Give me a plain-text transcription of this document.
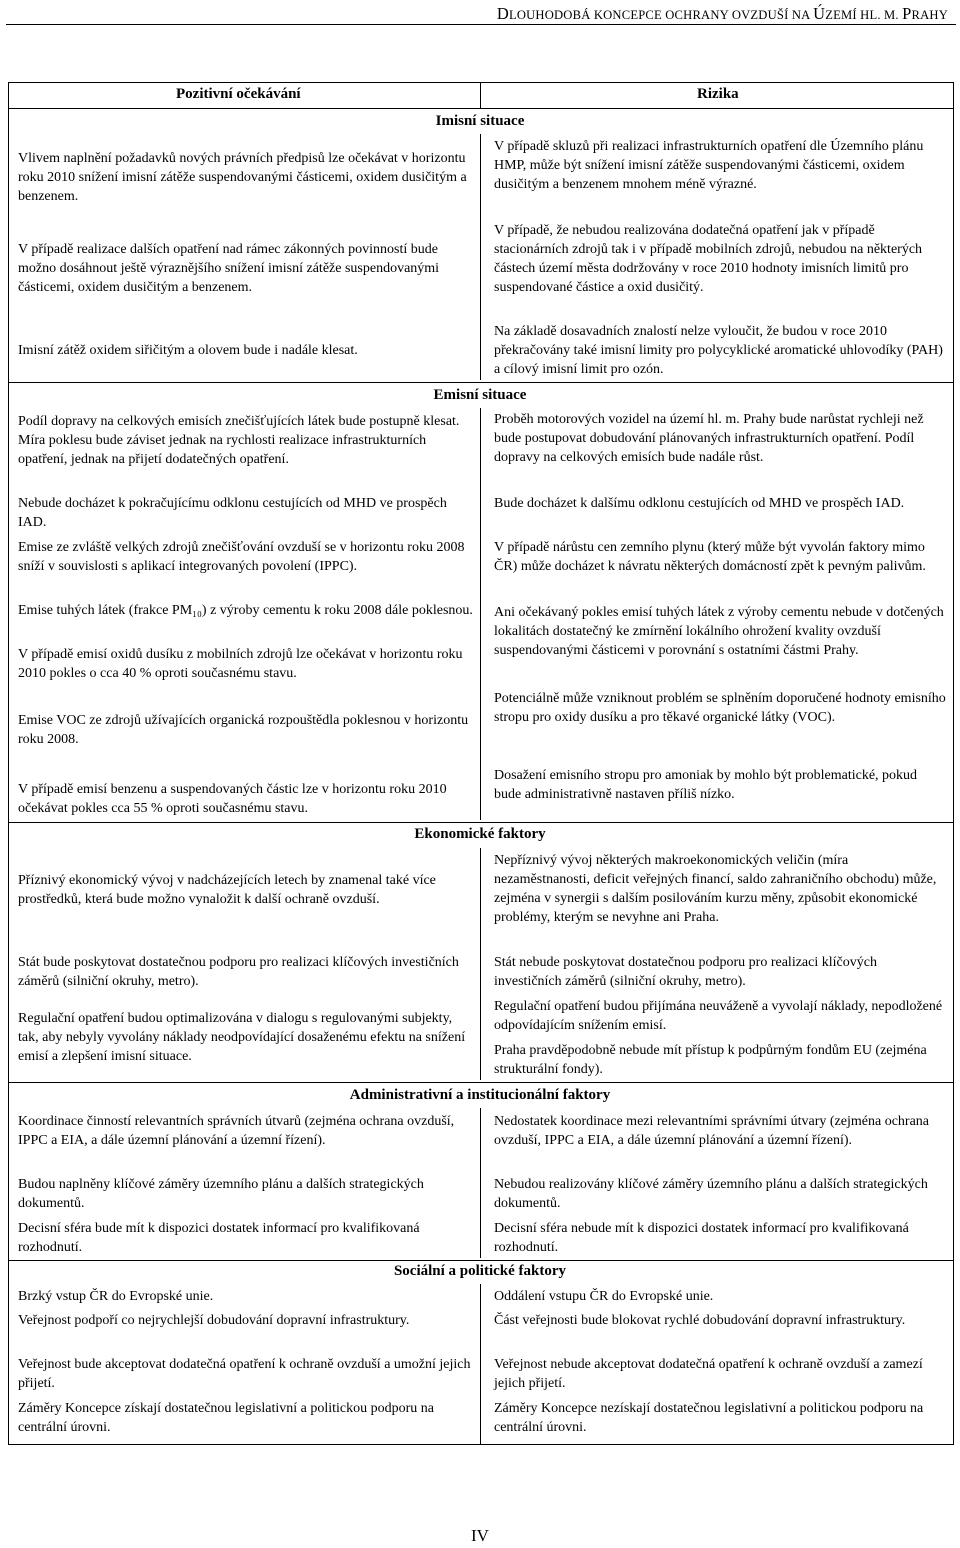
DLOUHODOBÁ KONCEPCE OCHRANY OVZDUŠÍ NA ÚZEMÍ HL. M. PRAHY
Pozitivní očekávání	Rizika
Imisní situace
Vlivem naplnění požadavků nových právních předpisů lze očekávat v horizontu roku 2010 snížení imisní zátěže suspendovanými částicemi, oxidem dusičitým a benzenem.
V případě realizace dalších opatření nad rámec zákonných povinností bude možno dosáhnout ještě výraznějšího snížení imisní zátěže suspendovanými částicemi, oxidem dusičitým a benzenem.
Imisní zátěž oxidem siřičitým a olovem bude i nadále klesat.
V případě skluzů při realizaci infrastrukturních opatření dle Územního plánu HMP, může být snížení imisní zátěže suspendovanými částicemi, oxidem dusičitým a benzenem mnohem méně výrazné.
V případě, že nebudou realizována dodatečná opatření jak v případě stacionárních zdrojů tak i v případě mobilních zdrojů, nebudou na některých částech území města dodržovány v roce 2010 hodnoty imisních limitů pro suspendované částice a oxid dusičitý.
Na základě dosavadních znalostí nelze vyloučit, že budou v roce 2010 překračovány také imisní limity pro polycyklické aromatické uhlovodíky (PAH) a cílový imisní limit pro ozón.
Emisní situace
Podíl dopravy na celkových emisích znečišťujících látek bude postupně klesat. Míra poklesu bude záviset jednak na rychlosti realizace infrastrukturních opatření, jednak na přijetí dodatečných opatření.
Nebude docházet k pokračujícímu odklonu cestujících od MHD ve prospěch IAD.
Emise ze zvláště velkých zdrojů znečišťování ovzduší se v horizontu roku 2008 sníží v souvislosti s aplikací integrovaných povolení (IPPC).
Emise tuhých látek (frakce PM₁₀) z výroby cementu k roku 2008 dále poklesnou.
V případě emisí oxidů dusíku z mobilních zdrojů lze očekávat v horizontu roku 2010 pokles o cca 40 % oproti současnému stavu.
Emise VOC ze zdrojů užívajících organická rozpouštědla poklesnou v horizontu roku 2008.
V případě emisí benzenu a suspendovaných částic lze v horizontu roku 2010 očekávat pokles cca 55 % oproti současnému stavu.
Proběh motorových vozidel na území hl. m. Prahy bude narůstat rychleji než bude postupovat dobudování plánovaných infrastrukturních opatření. Podíl dopravy na celkových emisích bude nadále růst.
Bude docházet k dalšímu odklonu cestujících od MHD ve prospěch IAD.
V případě nárůstu cen zemního plynu (který může být vyvolán faktory mimo ČR) může docházet k návratu některých domácností zpět k pevným palivům.
Ani očekávaný pokles emisí tuhých látek z výroby cementu nebude v dotčených lokalitách dostatečný ke zmírnění lokálního ohrožení kvality ovzduší suspendovanými částicemi v porovnání s ostatními částmi Prahy.
Potenciálně může vzniknout problém se splněním doporučené hodnoty emisního stropu pro oxidy dusíku a pro těkavé organické látky (VOC).
Dosažení emisního stropu pro amoniak by mohlo být problematické, pokud bude administrativně nastaven příliš nízko.
Ekonomické faktory
Příznivý ekonomický vývoj v nadcházejících letech by znamenal také více prostředků, která bude možno vynaložit k další ochraně ovzduší.
Stát bude poskytovat dostatečnou podporu pro realizaci klíčových investičních záměrů (silniční okruhy, metro).
Regulační opatření budou optimalizována v dialogu s regulovanými subjekty, tak, aby nebyly vyvolány náklady neodpovídající dosaženému efektu na snížení emisí a zlepšení imisní situace.
Nepříznivý vývoj některých makroekonomických veličin (míra nezaměstnanosti, deficit veřejných financí, saldo zahraničního obchodu) může, zejména v synergii s dalším posilováním kurzu měny, způsobit ekonomické problémy, kterým se nevyhne ani Praha.
Stát nebude poskytovat dostatečnou podporu pro realizaci klíčových investičních záměrů (silniční okruhy, metro).
Regulační opatření budou přijímána neuváženě a vyvolají náklady, nepodložené odpovídajícím snížením emisí.
Praha pravděpodobně nebude mít přístup k podpůrným fondům EU (zejména strukturální fondy).
Administrativní a institucionální faktory
Koordinace činností relevantních správních útvarů (zejména ochrana ovzduší, IPPC a EIA, a dále územní plánování a územní řízení).
Budou naplněny klíčové záměry územního plánu a dalších strategických dokumentů.
Decisní sféra bude mít k dispozici dostatek informací pro kvalifikovaná rozhodnutí.
Nedostatek koordinace mezi relevantními správními útvary (zejména ochrana ovzduší, IPPC a EIA, a dále územní plánování a územní řízení).
Nebudou realizovány klíčové záměry územního plánu a dalších strategických dokumentů.
Decisní sféra nebude mít k dispozici dostatek informací pro kvalifikovaná rozhodnutí.
Sociální a politické faktory
Brzký vstup ČR do Evropské unie.
Veřejnost podpoří co nejrychlejší dobudování dopravní infrastruktury.
Veřejnost bude akceptovat dodatečná opatření k ochraně ovzduší a umožní jejich přijetí.
Záměry Koncepce získají dostatečnou legislativní a politickou podporu na centrální úrovni.
Oddálení vstupu ČR do Evropské unie.
Část veřejnosti bude blokovat rychlé dobudování dopravní infrastruktury.
Veřejnost nebude akceptovat dodatečná opatření k ochraně ovzduší a zamezí jejich přijetí.
Záměry Koncepce nezískají dostatečnou legislativní a politickou podporu na centrální úrovni.
IV
